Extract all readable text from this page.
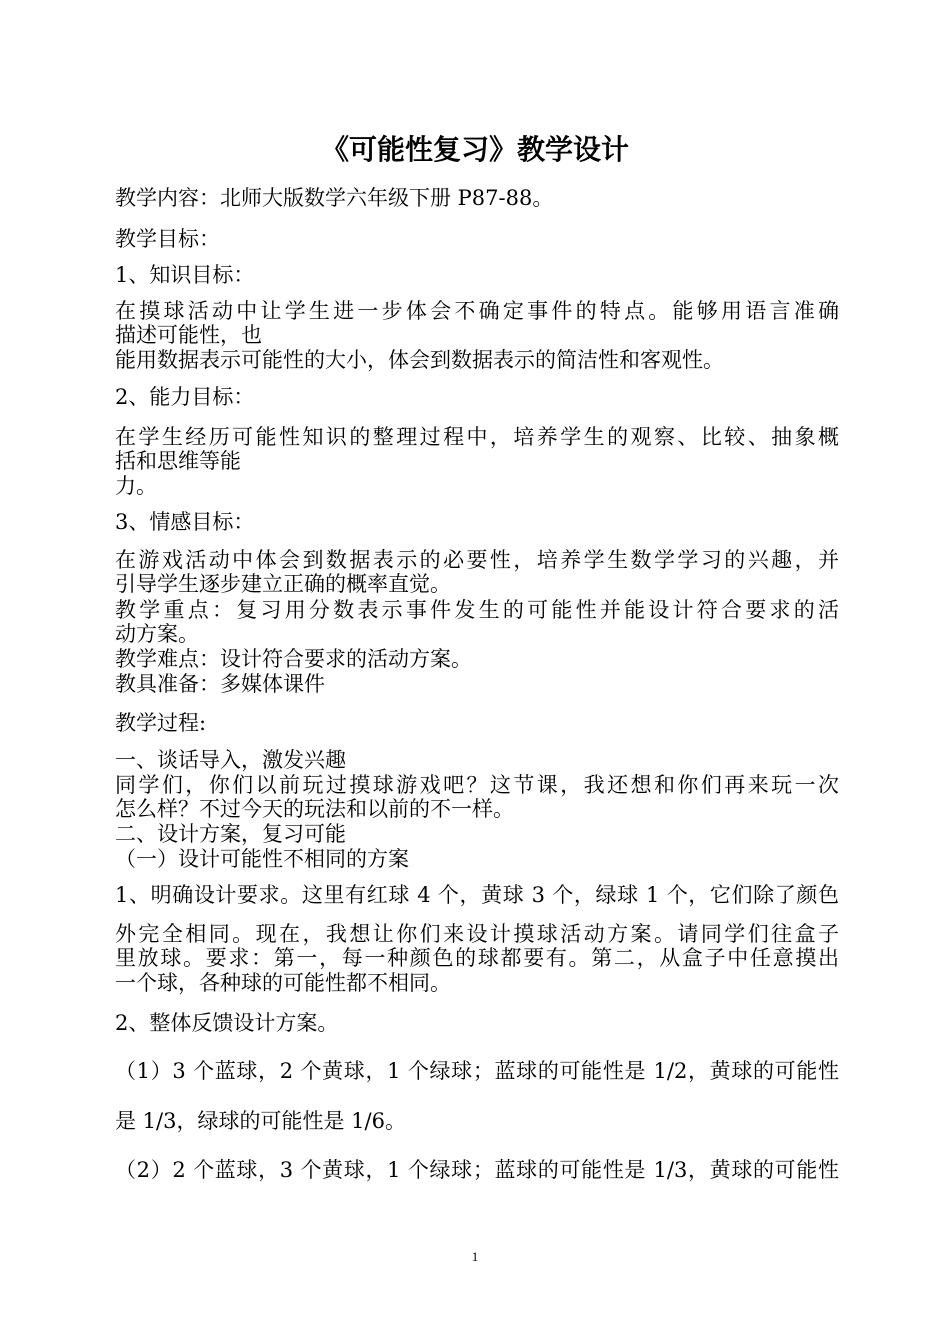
《可能性复习》教学设计
教学内容：北师大版数学六年级下册 P87-88。
教学目标：
1、知识目标：
在摸球活动中让学生进一步体会不确定事件的特点。能够用语言准确
描述可能性，也
能用数据表示可能性的大小，体会到数据表示的简洁性和客观性。
2、能力目标：
在学生经历可能性知识的整理过程中，培养学生的观察、比较、抽象概
括和思维等能
力。
3、情感目标：
在游戏活动中体会到数据表示的必要性，培养学生数学学习的兴趣，并
引导学生逐步建立正确的概率直觉。
教学重点：复习用分数表示事件发生的可能性并能设计符合要求的活
动方案。
教学难点：设计符合要求的活动方案。
教具准备：多媒体课件
教学过程:
一、谈话导入，激发兴趣
同学们，你们以前玩过摸球游戏吧？这节课，我还想和你们再来玩一次
怎么样？不过今天的玩法和以前的不一样。
二、设计方案，复习可能
（一）设计可能性不相同的方案
1、明确设计要求。这里有红球 4 个，黄球 3 个，绿球 1 个，它们除了颜色
外完全相同。现在，我想让你们来设计摸球活动方案。请同学们往盒子
里放球。要求：第一，每一种颜色的球都要有。第二，从盒子中任意摸出
一个球，各种球的可能性都不相同。
2、整体反馈设计方案。
（1）3 个蓝球，2 个黄球，1 个绿球；蓝球的可能性是 1/2，黄球的可能性
是 1/3，绿球的可能性是 1/6。
（2）2 个蓝球，3 个黄球，1 个绿球；蓝球的可能性是 1/3，黄球的可能性
1
